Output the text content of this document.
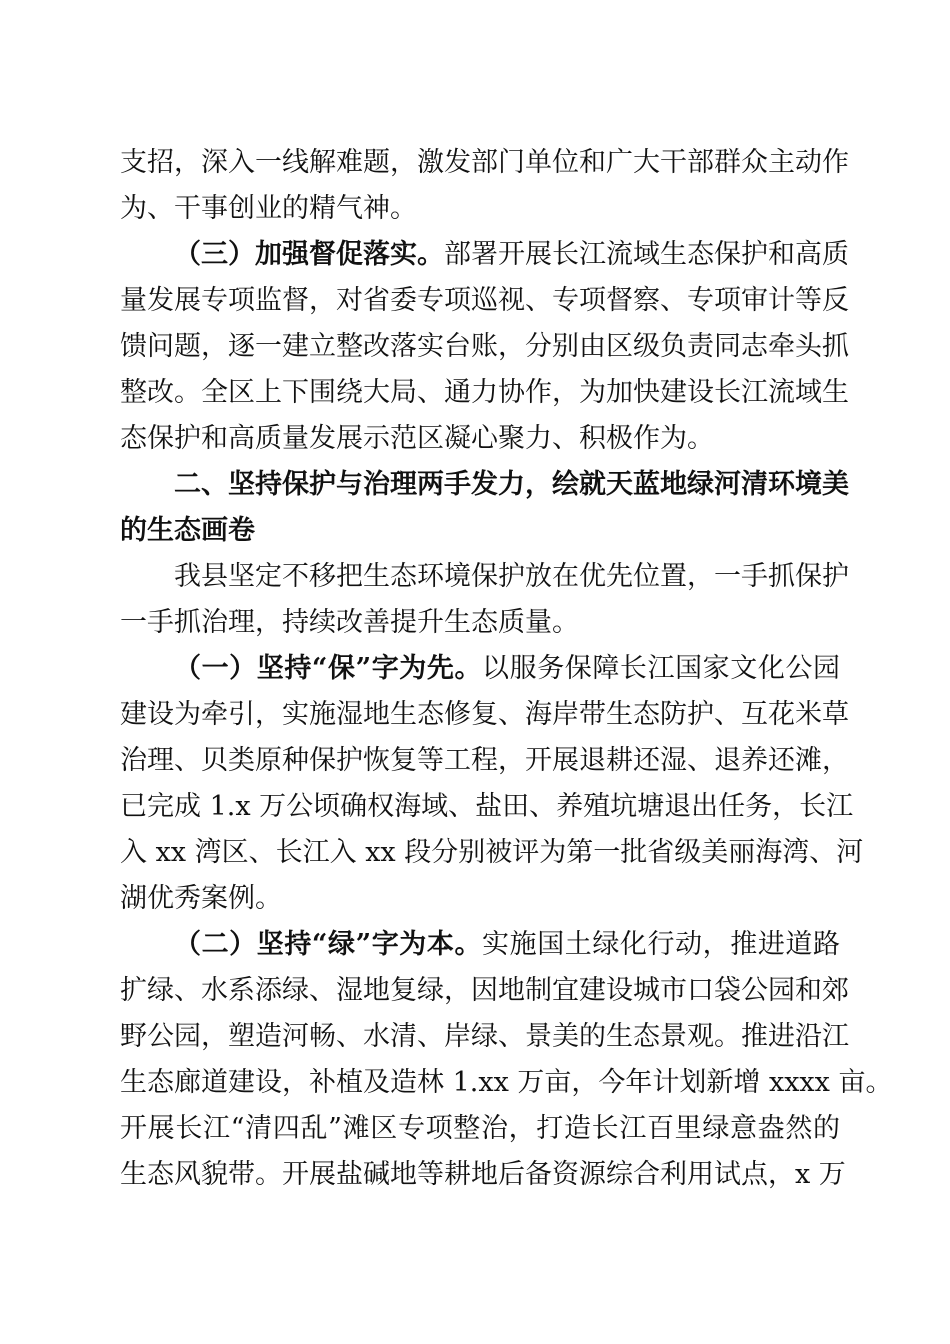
支招，深入一线解难题，激发部门单位和广大干部群众主动作
为、干事创业的精气神。
（三）加强督促落实。部署开展长江流域生态保护和高质
量发展专项监督，对省委专项巡视、专项督察、专项审计等反
馈问题，逐一建立整改落实台账，分别由区级负责同志牵头抓
整改。全区上下围绕大局、通力协作，为加快建设长江流域生
态保护和高质量发展示范区凝心聚力、积极作为。
二、坚持保护与治理两手发力，绘就天蓝地绿河清环境美
的生态画卷
我县坚定不移把生态环境保护放在优先位置，一手抓保护
一手抓治理，持续改善提升生态质量。
（一）坚持“保”字为先。以服务保障长江国家文化公园
建设为牵引，实施湿地生态修复、海岸带生态防护、互花米草
治理、贝类原种保护恢复等工程，开展退耕还湿、退养还滩，
已完成 1.x 万公顷确权海域、盐田、养殖坑塘退出任务，长江
入 xx 湾区、长江入 xx 段分别被评为第一批省级美丽海湾、河
湖优秀案例。
（二）坚持“绿”字为本。实施国土绿化行动，推进道路
扩绿、水系添绿、湿地复绿，因地制宜建设城市口袋公园和郊
野公园，塑造河畅、水清、岸绿、景美的生态景观。推进沿江
生态廊道建设，补植及造林 1.xx 万亩，今年计划新增 xxxx 亩。
开展长江“清四乱”滩区专项整治，打造长江百里绿意盎然的
生态风貌带。开展盐碱地等耕地后备资源综合利用试点，x 万
